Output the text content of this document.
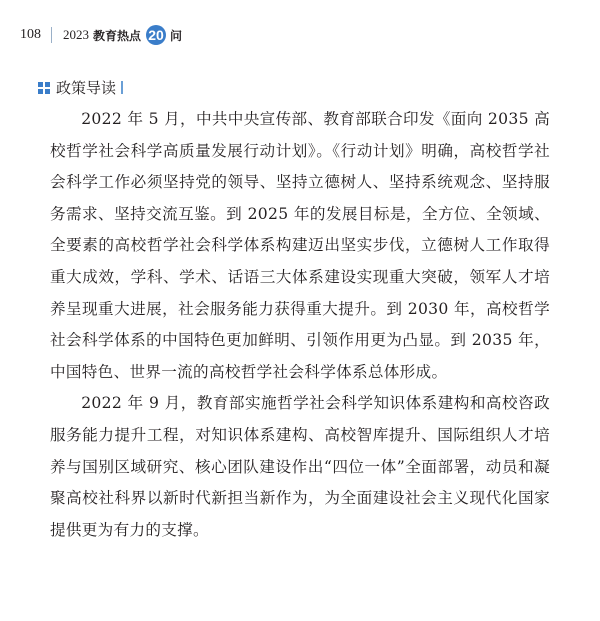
108 2023 教育热点 20 问
政策导读

2022 年 5 月，中共中央宣传部、教育部联合印发《面向 2035 高校哲学社会科学高质量发展行动计划》。《行动计划》明确，高校哲学社会科学工作必须坚持党的领导、坚持立德树人、坚持系统观念、坚持服务需求、坚持交流互鉴。到 2025 年的发展目标是，全方位、全领域、全要素的高校哲学社会科学体系构建迈出坚实步伐，立德树人工作取得重大成效，学科、学术、话语三大体系建设实现重大突破，领军人才培养呈现重大进展，社会服务能力获得重大提升。到 2030 年，高校哲学社会科学体系的中国特色更加鲜明、引领作用更为凸显。到 2035 年，中国特色、世界一流的高校哲学社会科学体系总体形成。

2022 年 9 月，教育部实施哲学社会科学知识体系建构和高校咨政服务能力提升工程，对知识体系建构、高校智库提升、国际组织人才培养与国别区域研究、核心团队建设作出“四位一体”全面部署，动员和凝聚高校社科界以新时代新担当新作为，为全面建设社会主义现代化国家提供更为有力的支撑。
